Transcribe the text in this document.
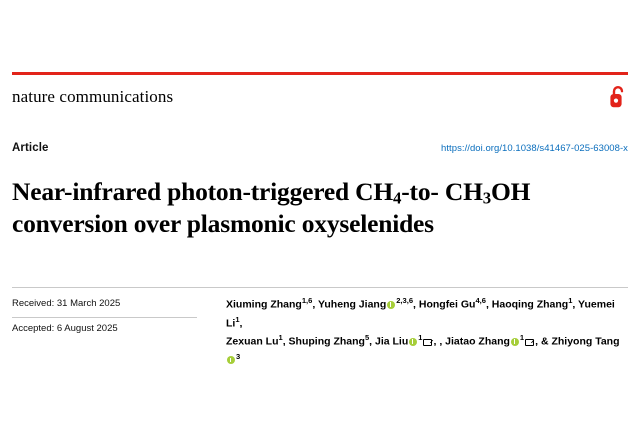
nature communications
Article	https://doi.org/10.1038/s41467-025-63008-x
Near-infrared photon-triggered $CH_4-to-$ $CH_3OH$ conversion over plasmonic oxyselenides
Received: 31 March 2025
Accepted: 6 August 2025
Xiuming Zhang$^{1,6}$, Yuheng Jiang $^{2,3,6}$, Hongfei Gu$^{4,6}$, Haoqing Zhang$^1$, Yuemei Li$^1$,
Zexuan Lu$^1$, Shuping Zhang$^5$, Jia Liu $^1$ , , Jiatao Zhang $^1$ , & Zhiyong Tang$^3$
